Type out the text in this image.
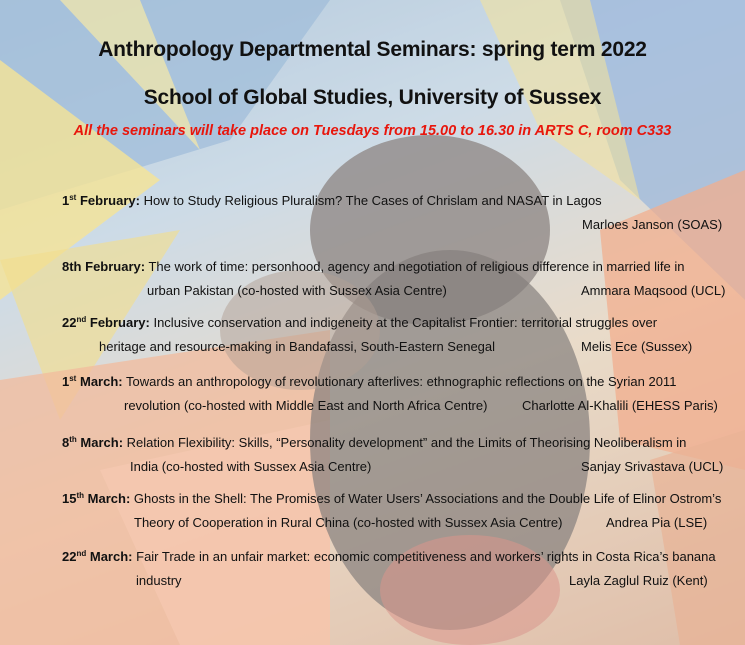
Anthropology Departmental Seminars: spring term 2022
School of Global Studies, University of Sussex
All the seminars will take place on Tuesdays from 15.00 to 16.30 in ARTS C, room C333
1st February: How to Study Religious Pluralism? The Cases of Chrislam and NASAT in Lagos
Marloes Janson (SOAS)
8th February: The work of time: personhood, agency and negotiation of religious difference in married life in
urban Pakistan (co-hosted with Sussex Asia Centre)	Ammara Maqsood (UCL)
22nd February: Inclusive conservation and indigeneity at the Capitalist Frontier: territorial struggles over
heritage and resource-making in Bandafassi, South-Eastern Senegal	Melis Ece (Sussex)
1st March: Towards an anthropology of revolutionary afterlives: ethnographic reflections on the Syrian 2011
revolution (co-hosted with Middle East and North Africa Centre)	Charlotte Al-Khalili (EHESS Paris)
8th March: Relation Flexibility: Skills, “Personality development” and the Limits of Theorising Neoliberalism in
India (co-hosted with Sussex Asia Centre)	Sanjay Srivastava (UCL)
15th March: Ghosts in the Shell: The Promises of Water Users’ Associations and the Double Life of Elinor Ostrom’s
Theory of Cooperation in Rural China (co-hosted with Sussex Asia Centre)	Andrea Pia (LSE)
22nd March: Fair Trade in an unfair market: economic competitiveness and workers’ rights in Costa Rica’s banana
industry	Layla Zaglul Ruiz (Kent)
